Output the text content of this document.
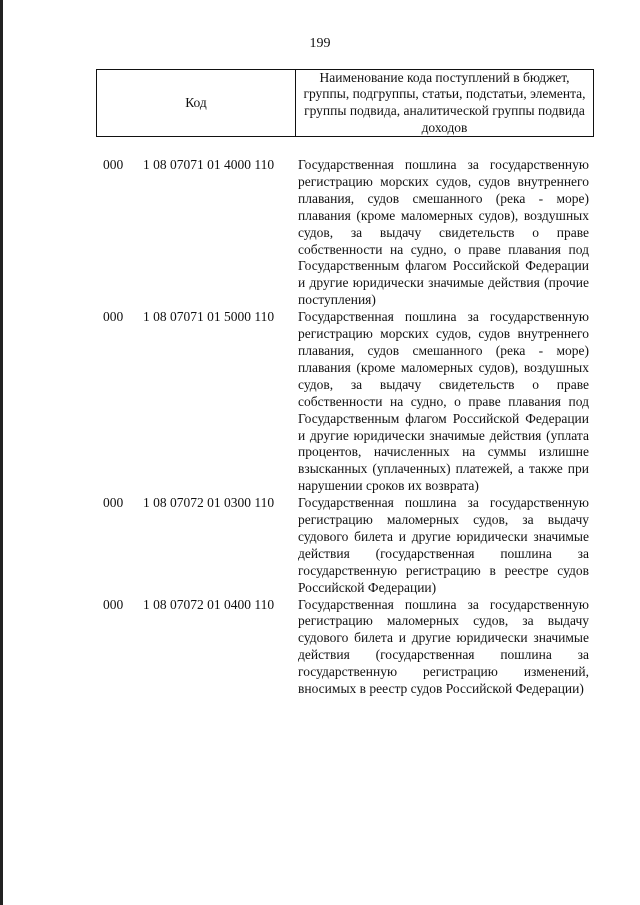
199
Код
Наименование кода поступлений в бюджет, группы, подгруппы, статьи, подстатьи, элемента, группы подвида, аналитической группы подвида доходов
000 1 08 07071 01 4000 110 Государственная пошлина за государственную регистрацию морских судов, судов внутреннего плавания, судов смешанного (река - море) плавания (кроме маломерных судов), воздушных судов, за выдачу свидетельств о праве собственности на судно, о праве плавания под Государственным флагом Российской Федерации и другие юридически значимые действия (прочие поступления)
000 1 08 07071 01 5000 110 Государственная пошлина за государственную регистрацию морских судов, судов внутреннего плавания, судов смешанного (река - море) плавания (кроме маломерных судов), воздушных судов, за выдачу свидетельств о праве собственности на судно, о праве плавания под Государственным флагом Российской Федерации и другие юридически значимые действия (уплата процентов, начисленных на суммы излишне взысканных (уплаченных) платежей, а также при нарушении сроков их возврата)
000 1 08 07072 01 0300 110 Государственная пошлина за государственную регистрацию маломерных судов, за выдачу судового билета и другие юридически значимые действия (государственная пошлина за государственную регистрацию в реестре судов Российской Федерации)
000 1 08 07072 01 0400 110 Государственная пошлина за государственную регистрацию маломерных судов, за выдачу судового билета и другие юридически значимые действия (государственная пошлина за государственную регистрацию изменений, вносимых в реестр судов Российской Федерации)
